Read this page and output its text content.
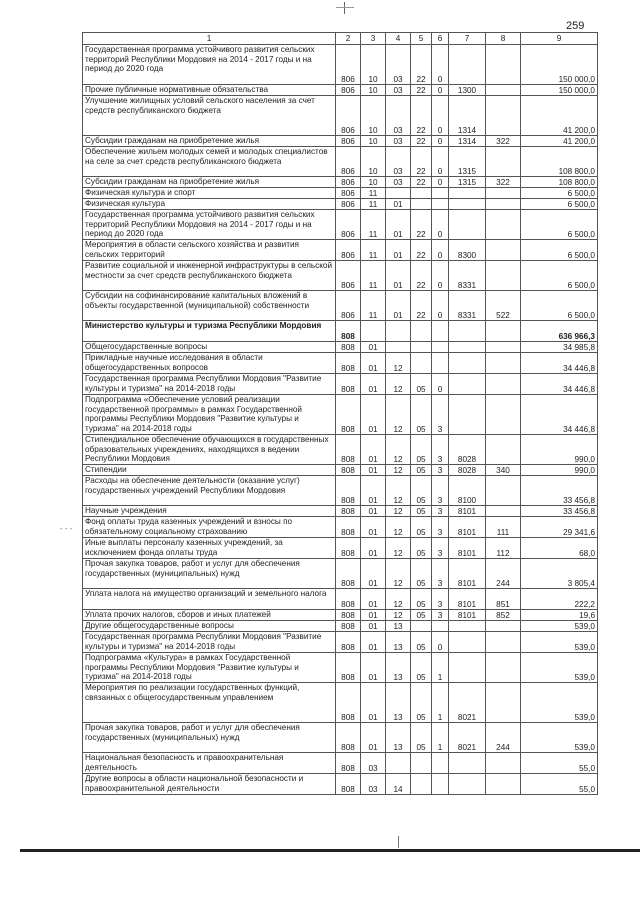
259
- - -
1	2	3	4	5	6	7	8	9
Государственная программа устойчивого развития сельских территорий Республики Мордовия на 2014 - 2017 годы и на период до 2020 года	806	10	03	22	0			150 000,0
Прочие публичные нормативные обязательства	806	10	03	22	0	1300		150 000,0
Улучшение жилищных условий сельского населения за счет средств республиканского бюджета	806	10	03	22	0	1314		41 200,0
Субсидии гражданам на приобретение жилья	806	10	03	22	0	1314	322	41 200,0
Обеспечение жильем молодых семей и молодых специалистов на селе за счет средств республиканского бюджета	806	10	03	22	0	1315		108 800,0
Субсидии гражданам на приобретение жилья	806	10	03	22	0	1315	322	108 800,0
Физическая культура и спорт	806	11						6 500,0
Физическая культура	806	11	01					6 500,0
Государственная программа устойчивого развития сельских территорий Республики Мордовия на 2014 - 2017 годы и на период до 2020 года	806	11	01	22	0			6 500,0
Мероприятия в области сельского хозяйства и развития сельских территорий	806	11	01	22	0	8300		6 500,0
Развитие социальной и инженерной инфраструктуры в сельской местности за счет средств республиканского бюджета	806	11	01	22	0	8331		6 500,0
Субсидии на софинансирование капитальных вложений в объекты государственной (муниципальной) собственности	806	11	01	22	0	8331	522	6 500,0
Министерство культуры и туризма Республики Мордовия	808							636 966,3
Общегосударственные вопросы	808	01						34 985,8
Прикладные научные исследования в области общегосударственных вопросов	808	01	12					34 446,8
Государственная программа Республики Мордовия "Развитие культуры и туризма" на 2014-2018 годы	808	01	12	05	0			34 446,8
Подпрограмма «Обеспечение условий реализации государственной программы» в рамках Государственной программы Республики Мордовия "Развитие культуры и туризма" на 2014-2018 годы	808	01	12	05	3			34 446,8
Стипендиальное обеспечение обучающихся в государственных образовательных учреждениях, находящихся в ведении Республики Мордовия	808	01	12	05	3	8028		990,0
Стипендии	808	01	12	05	3	8028	340	990,0
Расходы на обеспечение деятельности (оказание услуг) государственных учреждений Республики Мордовия	808	01	12	05	3	8100		33 456,8
Научные учреждения	808	01	12	05	3	8101		33 456,8
Фонд оплаты труда казенных учреждений и взносы по обязательному социальному страхованию	808	01	12	05	3	8101	111	29 341,6
Иные выплаты персоналу казенных учреждений, за исключением фонда оплаты труда	808	01	12	05	3	8101	112	68,0
Прочая закупка товаров, работ и услуг для обеспечения государственных (муниципальных) нужд	808	01	12	05	3	8101	244	3 805,4
Уплата налога на имущество организаций и земельного налога	808	01	12	05	3	8101	851	222,2
Уплата прочих налогов, сборов и иных платежей	808	01	12	05	3	8101	852	19,6
Другие общегосударственные вопросы	808	01	13					539,0
Государственная программа Республики Мордовия "Развитие культуры и туризма" на 2014-2018 годы	808	01	13	05	0			539,0
Подпрограмма «Культура» в рамках Государственной программы Республики Мордовия "Развитие культуры и туризма" на 2014-2018 годы	808	01	13	05	1			539,0
Мероприятия по реализации государственных функций, связанных с общегосударственным управлением	808	01	13	05	1	8021		539,0
Прочая закупка товаров, работ и услуг для обеспечения государственных (муниципальных) нужд	808	01	13	05	1	8021	244	539,0
Национальная безопасность и правоохранительная деятельность	808	03						55,0
Другие вопросы в области национальной безопасности и правоохранительной деятельности	808	03	14					55,0
